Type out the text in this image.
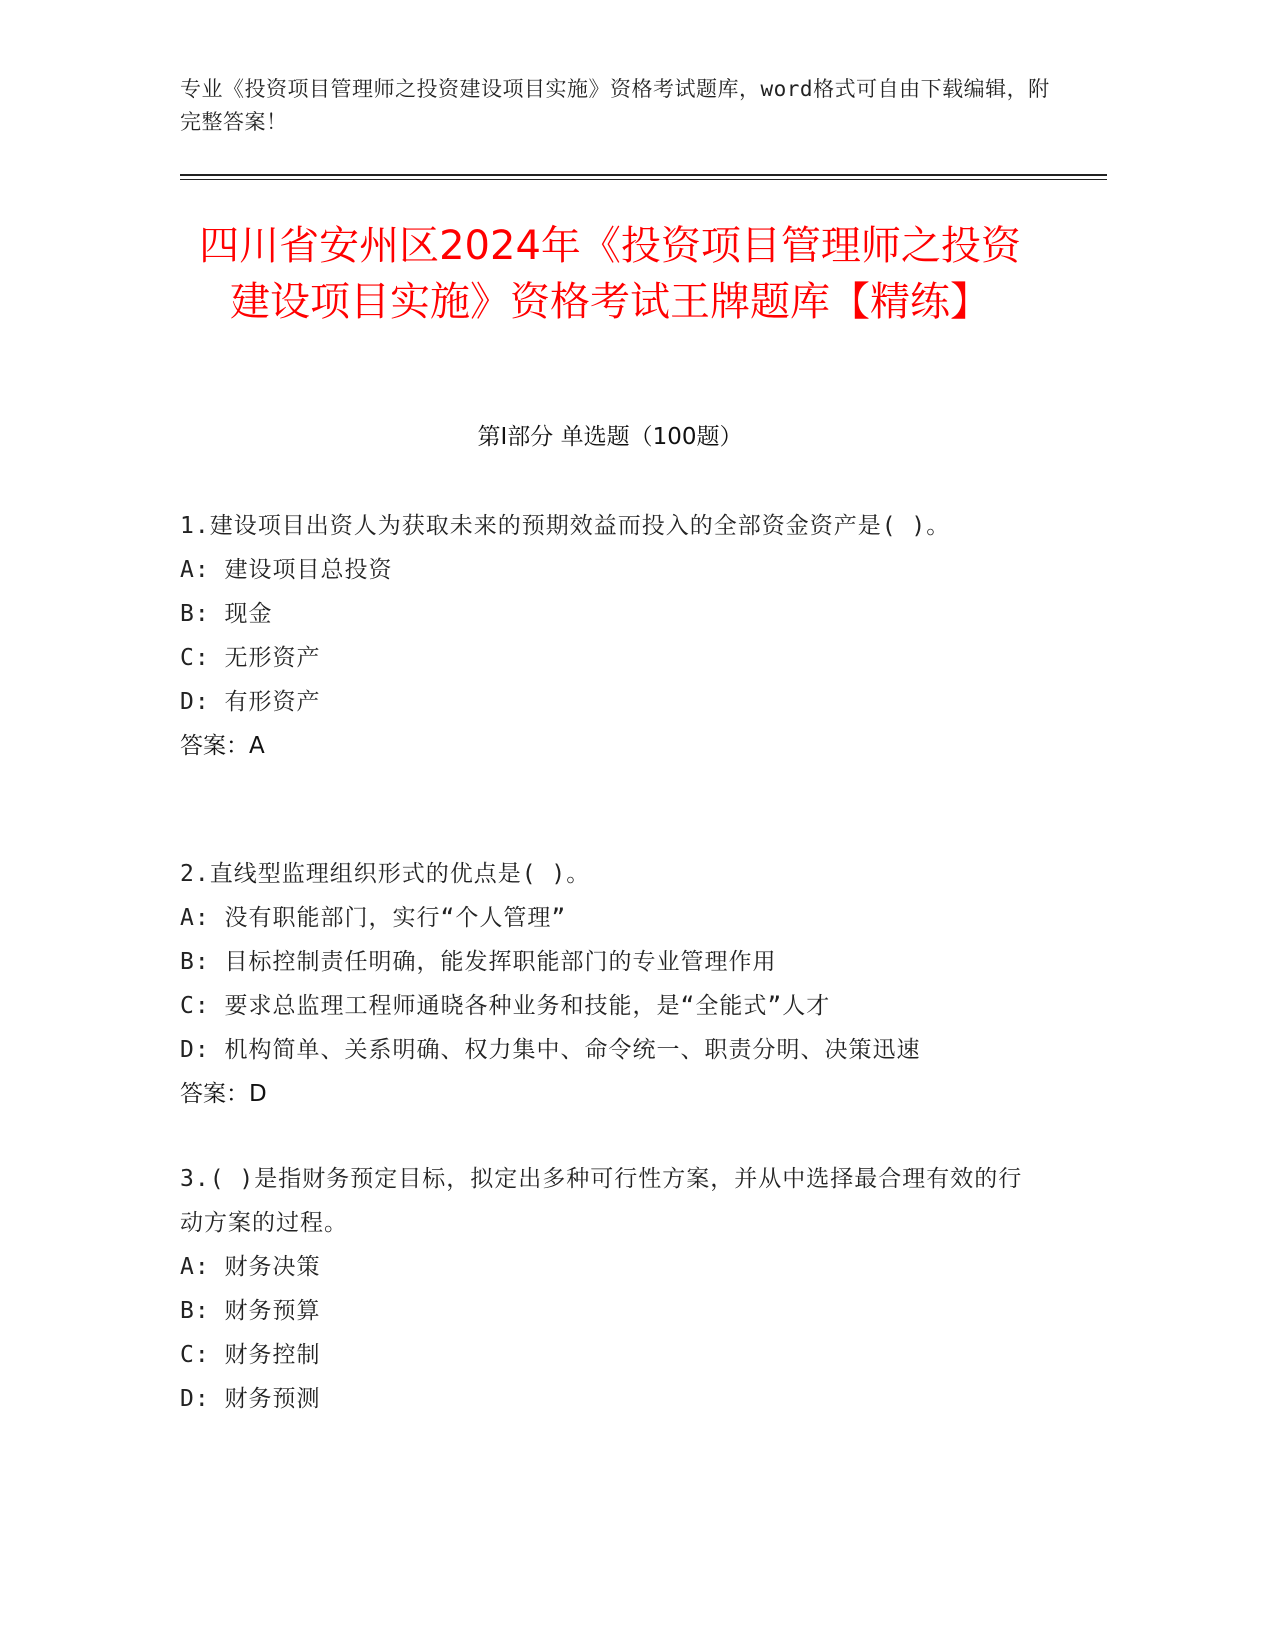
专业《投资项目管理师之投资建设项目实施》资格考试题库，word格式可自由下载编辑，附完整答案！
四川省安州区2024年《投资项目管理师之投资建设项目实施》资格考试王牌题库【精练】
第I部分 单选题（100题）
1.建设项目出资人为获取未来的预期效益而投入的全部资金资产是( )。
A: 建设项目总投资
B: 现金
C: 无形资产
D: 有形资产
答案：A
2.直线型监理组织形式的优点是( )。
A: 没有职能部门，实行“个人管理”
B: 目标控制责任明确，能发挥职能部门的专业管理作用
C: 要求总监理工程师通晓各种业务和技能，是“全能式”人才
D: 机构简单、关系明确、权力集中、命令统一、职责分明、决策迅速
答案：D
3.( )是指财务预定目标，拟定出多种可行性方案，并从中选择最合理有效的行动方案的过程。
A: 财务决策
B: 财务预算
C: 财务控制
D: 财务预测
